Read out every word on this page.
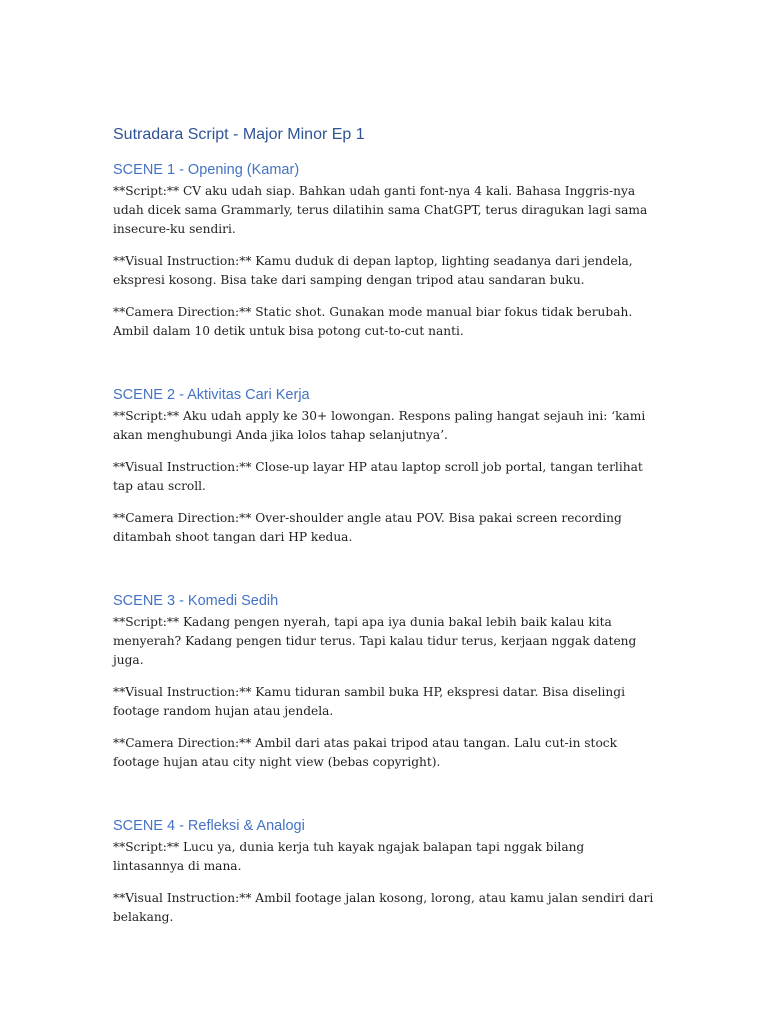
Sutradara Script - Major Minor Ep 1
SCENE 1 - Opening (Kamar)

**Script:** CV aku udah siap. Bahkan udah ganti font-nya 4 kali. Bahasa Inggris-nya udah dicek sama Grammarly, terus dilatihin sama ChatGPT, terus diragukan lagi sama insecure-ku sendiri.

**Visual Instruction:** Kamu duduk di depan laptop, lighting seadanya dari jendela, ekspresi kosong. Bisa take dari samping dengan tripod atau sandaran buku.

**Camera Direction:** Static shot. Gunakan mode manual biar fokus tidak berubah. Ambil dalam 10 detik untuk bisa potong cut-to-cut nanti.

SCENE 2 - Aktivitas Cari Kerja

**Script:** Aku udah apply ke 30+ lowongan. Respons paling hangat sejauh ini: ‘kami akan menghubungi Anda jika lolos tahap selanjutnya’.

**Visual Instruction:** Close-up layar HP atau laptop scroll job portal, tangan terlihat tap atau scroll.

**Camera Direction:** Over-shoulder angle atau POV. Bisa pakai screen recording ditambah shoot tangan dari HP kedua.

SCENE 3 - Komedi Sedih

**Script:** Kadang pengen nyerah, tapi apa iya dunia bakal lebih baik kalau kita menyerah? Kadang pengen tidur terus. Tapi kalau tidur terus, kerjaan nggak dateng juga.

**Visual Instruction:** Kamu tiduran sambil buka HP, ekspresi datar. Bisa diselingi footage random hujan atau jendela.

**Camera Direction:** Ambil dari atas pakai tripod atau tangan. Lalu cut-in stock footage hujan atau city night view (bebas copyright).

SCENE 4 - Refleksi & Analogi

**Script:** Lucu ya, dunia kerja tuh kayak ngajak balapan tapi nggak bilang lintasannya di mana.

**Visual Instruction:** Ambil footage jalan kosong, lorong, atau kamu jalan sendiri dari belakang.
